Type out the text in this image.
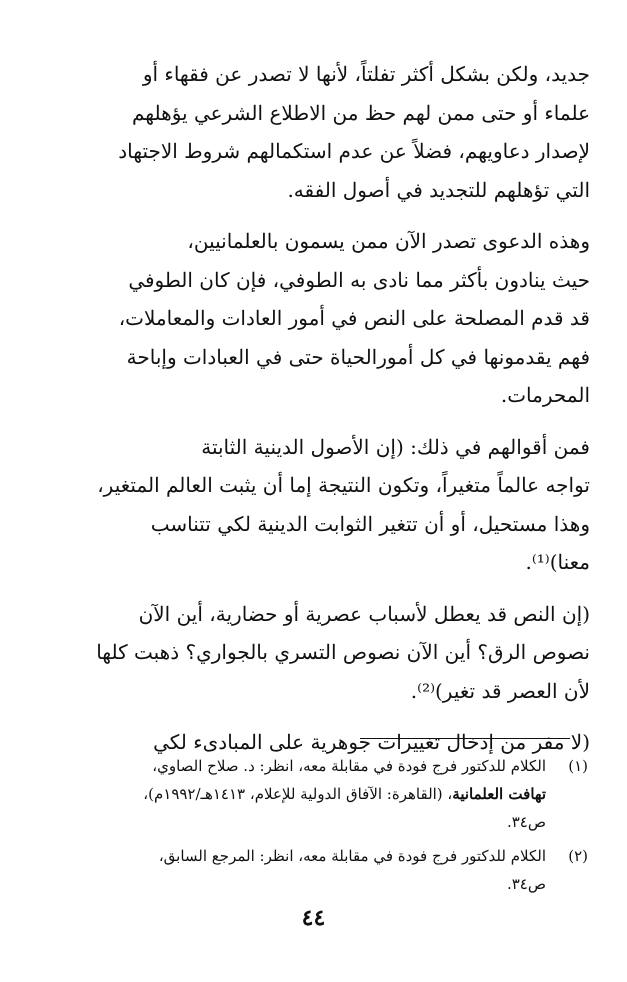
جديد، ولكن بشكل أكثر تفلتاً، لأنها لا تصدر عن فقهاء أو
علماء أو حتى ممن لهم حظ من الاطلاع الشرعي يؤهلهم
لإصدار دعاويهم، فضلاً عن عدم استكمالهم شروط الاجتهاد
التي تؤهلهم للتجديد في أصول الفقه.
وهذه الدعوى تصدر الآن ممن يسمون بالعلمانيين،
حيث ينادون بأكثر مما نادى به الطوفي، فإن كان الطوفي
قد قدم المصلحة على النص في أمور العادات والمعاملات،
فهم يقدمونها في كل أمورالحياة حتى في العبادات وإباحة
المحرمات.
فمن أقوالهم في ذلك: (إن الأصول الدينية الثابتة
تواجه عالماً متغيراً، وتكون النتيجة إما أن يثبت العالم المتغير،
وهذا مستحيل، أو أن تتغير الثوابت الدينية لكي تتناسب
معنا)⁽¹⁾.
(إن النص قد يعطل لأسباب عصرية أو حضارية، أين الآن
نصوص الرق؟ أين الآن نصوص التسري بالجواري؟ ذهبت كلها
لأن العصر قد تغير)⁽²⁾.
(لا مفر من إدخال تغييرات جوهرية على المبادىء لكي
(١)
الكلام للدكتور فرج فودة في مقابلة معه، انظر: د. صلاح الصاوي،
تهافت العلمانية، (القاهرة: الآفاق الدولية للإعلام، ١٤١٣هـ/١٩٩٢م)،
ص٣٤.
(٢)
الكلام للدكتور فرج فودة في مقابلة معه، انظر: المرجع السابق،
ص٣٤.
٤٤
